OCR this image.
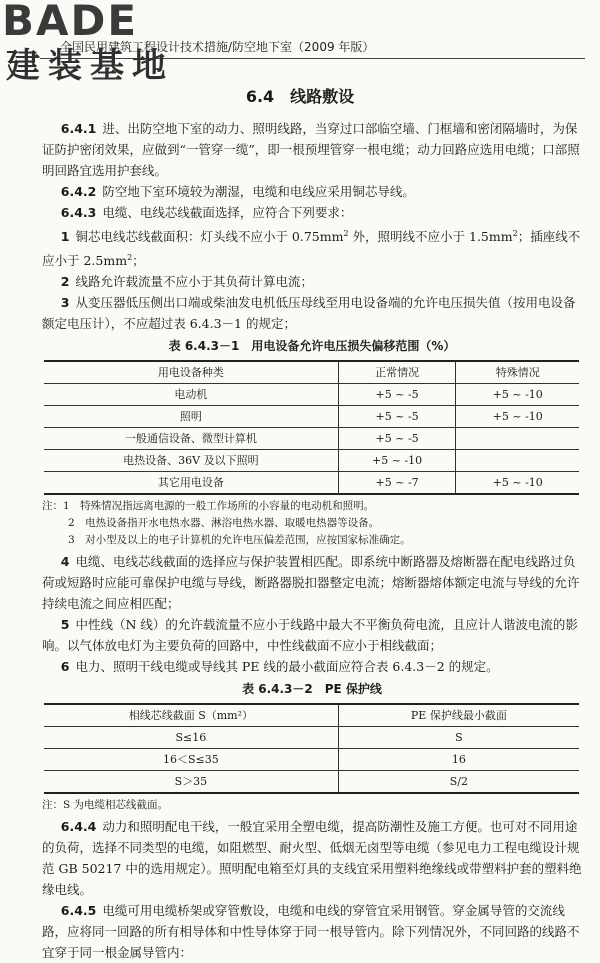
BADE
全国民用建筑工程设计技术措施/防空地下室（2009 年版）
建装基地
6.4　线路敷设

6.4.1 进、出防空地下室的动力、照明线路，当穿过口部临空墙、门框墙和密闭隔墙时，为保证防护密闭效果，应做到“一管穿一缆”，即一根预埋管穿一根电缆；动力回路应选用电缆；口部照明回路宜选用护套线。

6.4.2 防空地下室环境较为潮湿，电缆和电线应采用铜芯导线。

6.4.3 电缆、电线芯线截面选择，应符合下列要求：

1 铜芯电线芯线截面积：灯头线不应小于 $0.75mm^2$ 外，照明线不应小于 $1.5mm^2$；插座线不应小于 $2.5mm^2$；

2 线路允许载流量不应小于其负荷计算电流；

3 从变压器低压侧出口端或柴油发电机低压母线至用电设备端的允许电压损失值（按用电设备额定电压计），不应超过表 6.4.3－1 的规定；

表 6.4.3－1　用电设备允许电压损失偏移范围（%）
用电设备种类	正常情况	特殊情况
电动机	+5 ~ -5	+5 ~ -10
照明	+5 ~ -5	+5 ~ -10
一般通信设备、微型计算机	+5 ~ -5	
电热设备、36V 及以下照明	+5 ~ -10	
其它用电设备	+5 ~ -7	+5 ~ -10
注：1　特殊情况指远离电源的一般工作场所的小容量的电动机和照明。
2　电热设备指开水电热水器、淋浴电热水器、取暖电热器等设备。
3　对小型及以上的电子计算机的允许电压偏差范围，应按国家标准确定。

4 电缆、电线芯线截面的选择应与保护装置相匹配。即系统中断路器及熔断器在配电线路过负荷或短路时应能可靠保护电缆与导线，断路器脱扣器整定电流；熔断器熔体额定电流与导线的允许持续电流之间应相匹配；

5 中性线（N 线）的允许载流量不应小于线路中最大不平衡负荷电流，且应计人谐波电流的影响。以气体放电灯为主要负荷的回路中，中性线截面不应小于相线截面；

6 电力、照明干线电缆或导线其 PE 线的最小截面应符合表 6.4.3－2 的规定。

表 6.4.3－2　PE 保护线
相线芯线截面 S（mm²）	PE 保护线最小截面
S≤16	S
16＜S≤35	16
S＞35	S/2
注：S 为电缆相芯线截面。

6.4.4 动力和照明配电干线，一般宜采用全塑电缆，提高防潮性及施工方便。也可对不同用途的负荷，选择不同类型的电缆，如阻燃型、耐火型、低烟无卤型等电缆（参见电力工程电缆设计规范 GB 50217 中的选用规定）。照明配电箱至灯具的支线宜采用塑料绝缘线或带塑料护套的塑料绝缘电线。

6.4.5 电缆可用电缆桥架或穿管敷设，电缆和电线的穿管宜采用钢管。穿金属导管的交流线路，应将同一回路的所有相导体和中性导体穿于同一根导管内。除下列情况外，不同回路的线路不宜穿于同一根金属导管内：
